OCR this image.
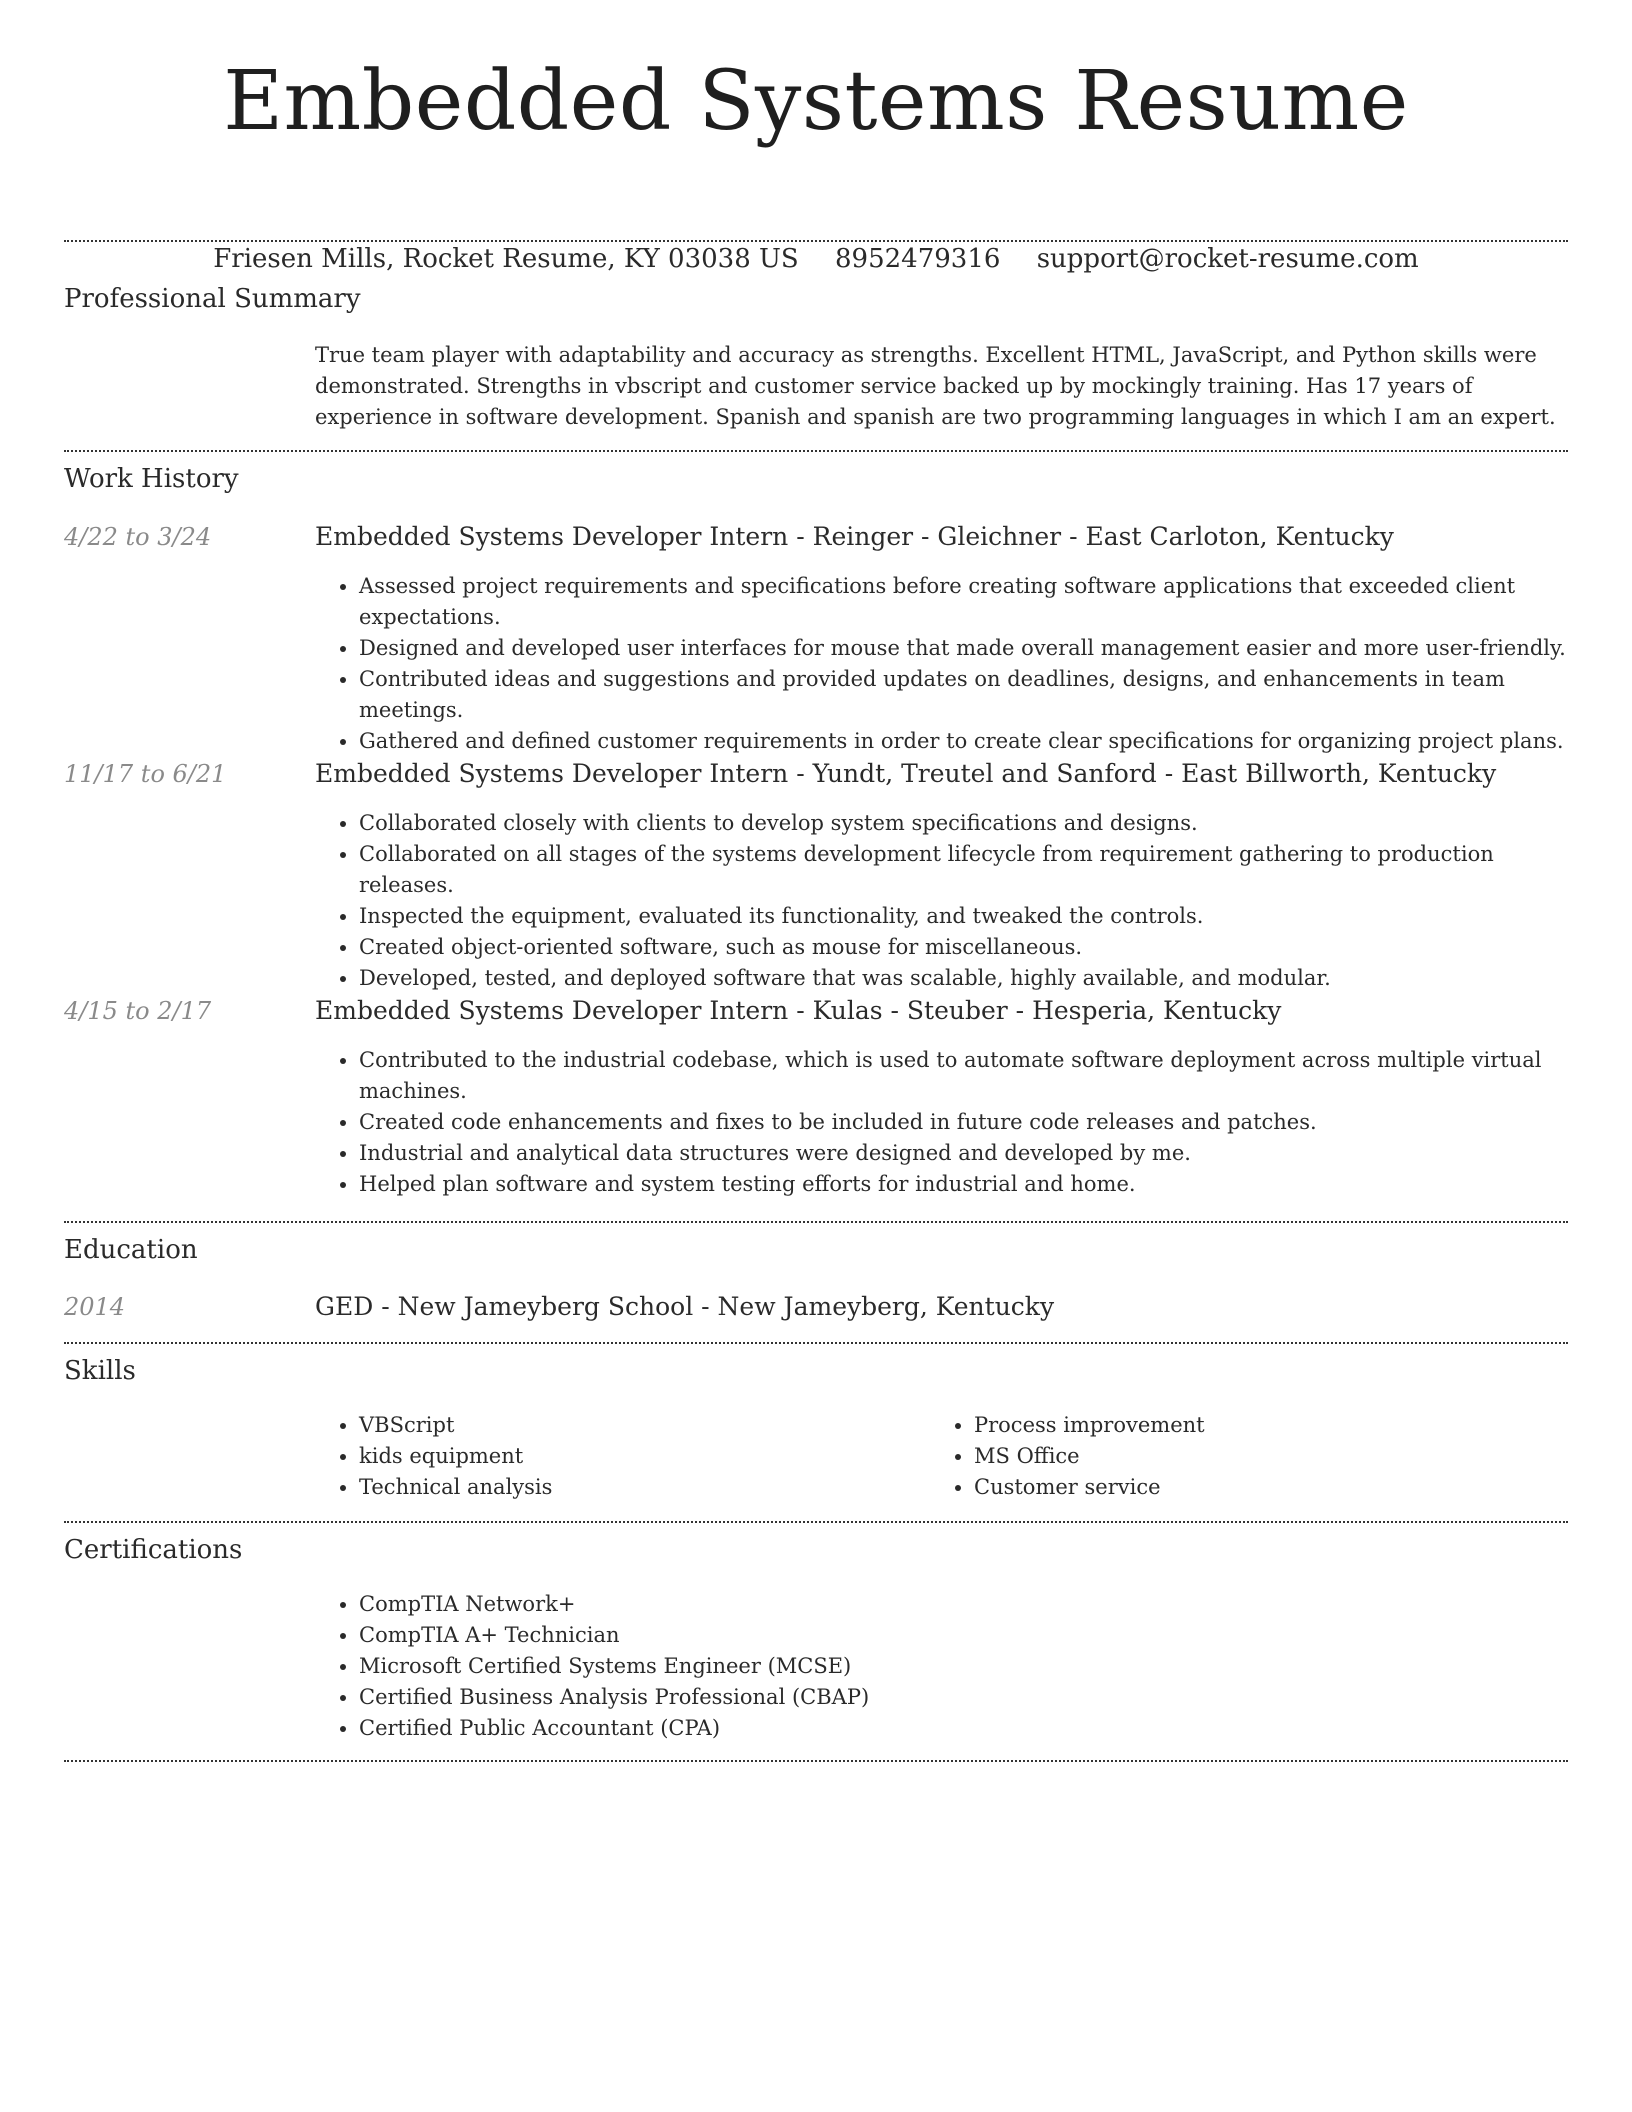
Embedded Systems Resume
Friesen Mills, Rocket Resume, KY 03038 US 8952479316 support@rocket-resume.com
Professional Summary
True team player with adaptability and accuracy as strengths. Excellent HTML, JavaScript, and Python skills were demonstrated. Strengths in vbscript and customer service backed up by mockingly training. Has 17 years of experience in software development. Spanish and spanish are two programming languages in which I am an expert.
Work History
4/22 to 3/24	Embedded Systems Developer Intern - Reinger - Gleichner - East Carloton, Kentucky
• Assessed project requirements and specifications before creating software applications that exceeded client expectations.
• Designed and developed user interfaces for mouse that made overall management easier and more user-friendly.
• Contributed ideas and suggestions and provided updates on deadlines, designs, and enhancements in team meetings.
• Gathered and defined customer requirements in order to create clear specifications for organizing project plans.
11/17 to 6/21	Embedded Systems Developer Intern - Yundt, Treutel and Sanford - East Billworth, Kentucky
• Collaborated closely with clients to develop system specifications and designs.
• Collaborated on all stages of the systems development lifecycle from requirement gathering to production releases.
• Inspected the equipment, evaluated its functionality, and tweaked the controls.
• Created object-oriented software, such as mouse for miscellaneous.
• Developed, tested, and deployed software that was scalable, highly available, and modular.
4/15 to 2/17	Embedded Systems Developer Intern - Kulas - Steuber - Hesperia, Kentucky
• Contributed to the industrial codebase, which is used to automate software deployment across multiple virtual machines.
• Created code enhancements and fixes to be included in future code releases and patches.
• Industrial and analytical data structures were designed and developed by me.
• Helped plan software and system testing efforts for industrial and home.
Education
2014	GED - New Jameyberg School - New Jameyberg, Kentucky
Skills
• VBScript
• kids equipment
• Technical analysis
• Process improvement
• MS Office
• Customer service
Certifications
• CompTIA Network+
• CompTIA A+ Technician
• Microsoft Certified Systems Engineer (MCSE)
• Certified Business Analysis Professional (CBAP)
• Certified Public Accountant (CPA)
